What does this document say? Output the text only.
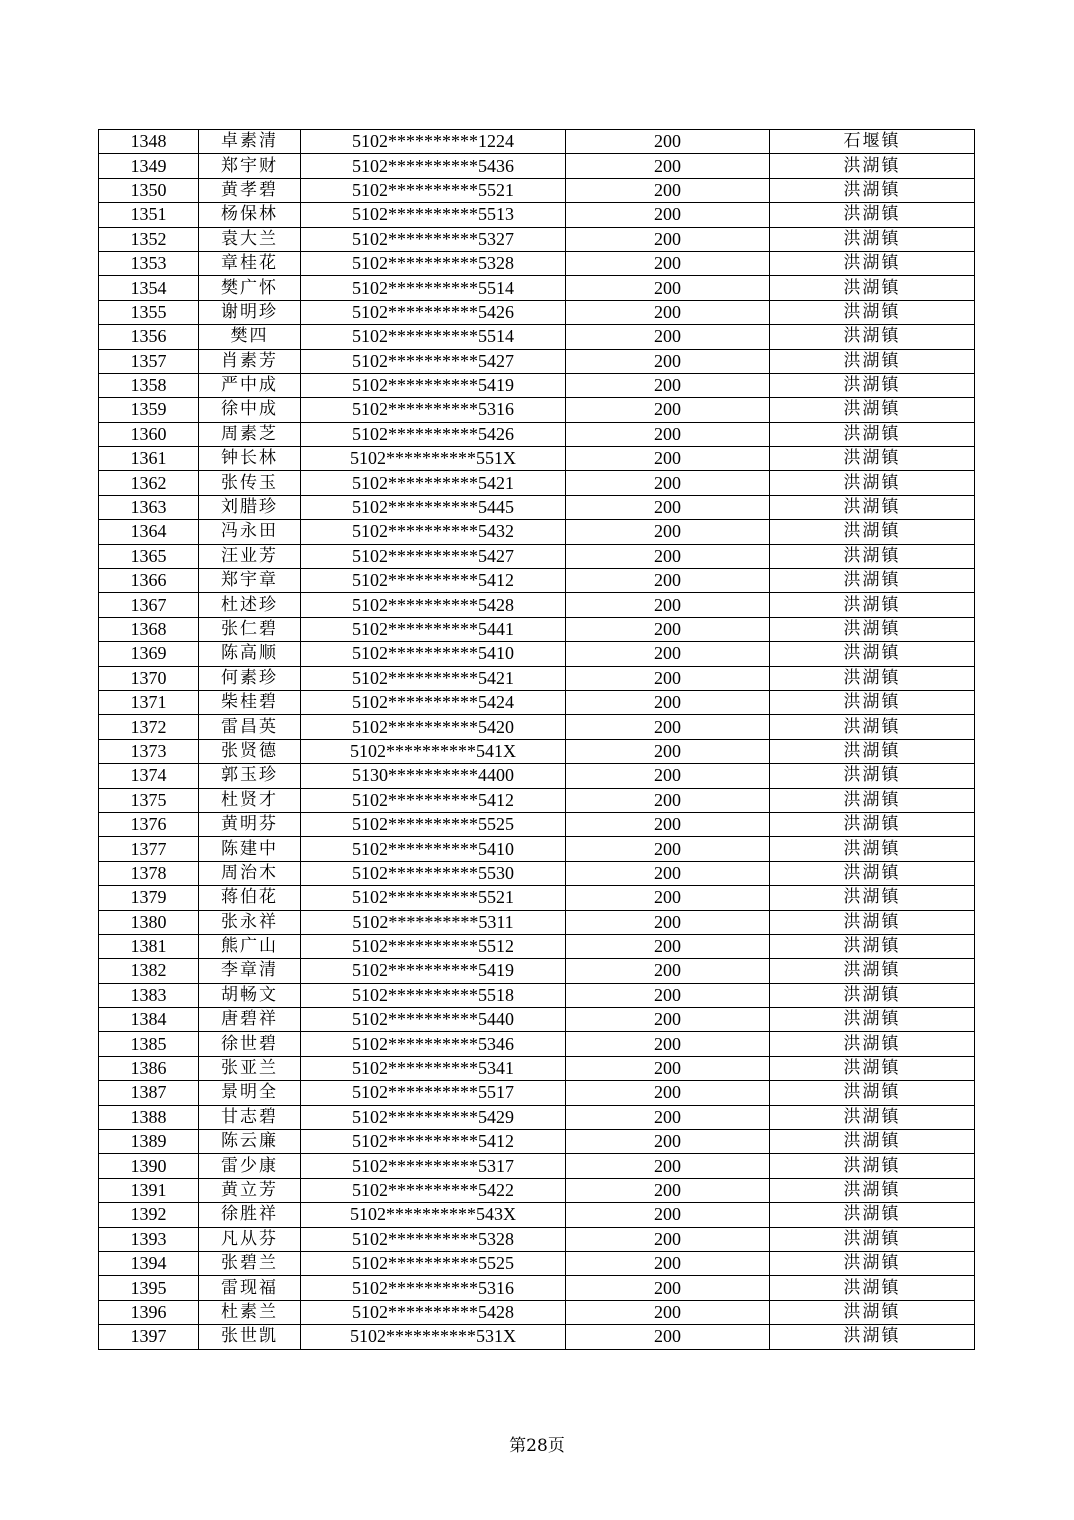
1348	卓素清	5102**********1224	200	石堰镇
1349	郑宇财	5102**********5436	200	洪湖镇
1350	黄孝碧	5102**********5521	200	洪湖镇
1351	杨保林	5102**********5513	200	洪湖镇
1352	袁大兰	5102**********5327	200	洪湖镇
1353	章桂花	5102**********5328	200	洪湖镇
1354	樊广怀	5102**********5514	200	洪湖镇
1355	谢明珍	5102**********5426	200	洪湖镇
1356	樊四	5102**********5514	200	洪湖镇
1357	肖素芳	5102**********5427	200	洪湖镇
1358	严中成	5102**********5419	200	洪湖镇
1359	徐中成	5102**********5316	200	洪湖镇
1360	周素芝	5102**********5426	200	洪湖镇
1361	钟长林	5102**********551X	200	洪湖镇
1362	张传玉	5102**********5421	200	洪湖镇
1363	刘腊珍	5102**********5445	200	洪湖镇
1364	冯永田	5102**********5432	200	洪湖镇
1365	汪业芳	5102**********5427	200	洪湖镇
1366	郑宇章	5102**********5412	200	洪湖镇
1367	杜述珍	5102**********5428	200	洪湖镇
1368	张仁碧	5102**********5441	200	洪湖镇
1369	陈高顺	5102**********5410	200	洪湖镇
1370	何素珍	5102**********5421	200	洪湖镇
1371	柴桂碧	5102**********5424	200	洪湖镇
1372	雷昌英	5102**********5420	200	洪湖镇
1373	张贤德	5102**********541X	200	洪湖镇
1374	郭玉珍	5130**********4400	200	洪湖镇
1375	杜贤才	5102**********5412	200	洪湖镇
1376	黄明芬	5102**********5525	200	洪湖镇
1377	陈建中	5102**********5410	200	洪湖镇
1378	周治木	5102**********5530	200	洪湖镇
1379	蒋伯花	5102**********5521	200	洪湖镇
1380	张永祥	5102**********5311	200	洪湖镇
1381	熊广山	5102**********5512	200	洪湖镇
1382	李章清	5102**********5419	200	洪湖镇
1383	胡畅文	5102**********5518	200	洪湖镇
1384	唐碧祥	5102**********5440	200	洪湖镇
1385	徐世碧	5102**********5346	200	洪湖镇
1386	张亚兰	5102**********5341	200	洪湖镇
1387	景明全	5102**********5517	200	洪湖镇
1388	甘志碧	5102**********5429	200	洪湖镇
1389	陈云廉	5102**********5412	200	洪湖镇
1390	雷少康	5102**********5317	200	洪湖镇
1391	黄立芳	5102**********5422	200	洪湖镇
1392	徐胜祥	5102**********543X	200	洪湖镇
1393	凡从芬	5102**********5328	200	洪湖镇
1394	张碧兰	5102**********5525	200	洪湖镇
1395	雷现福	5102**********5316	200	洪湖镇
1396	杜素兰	5102**********5428	200	洪湖镇
1397	张世凯	5102**********531X	200	洪湖镇
第28页
